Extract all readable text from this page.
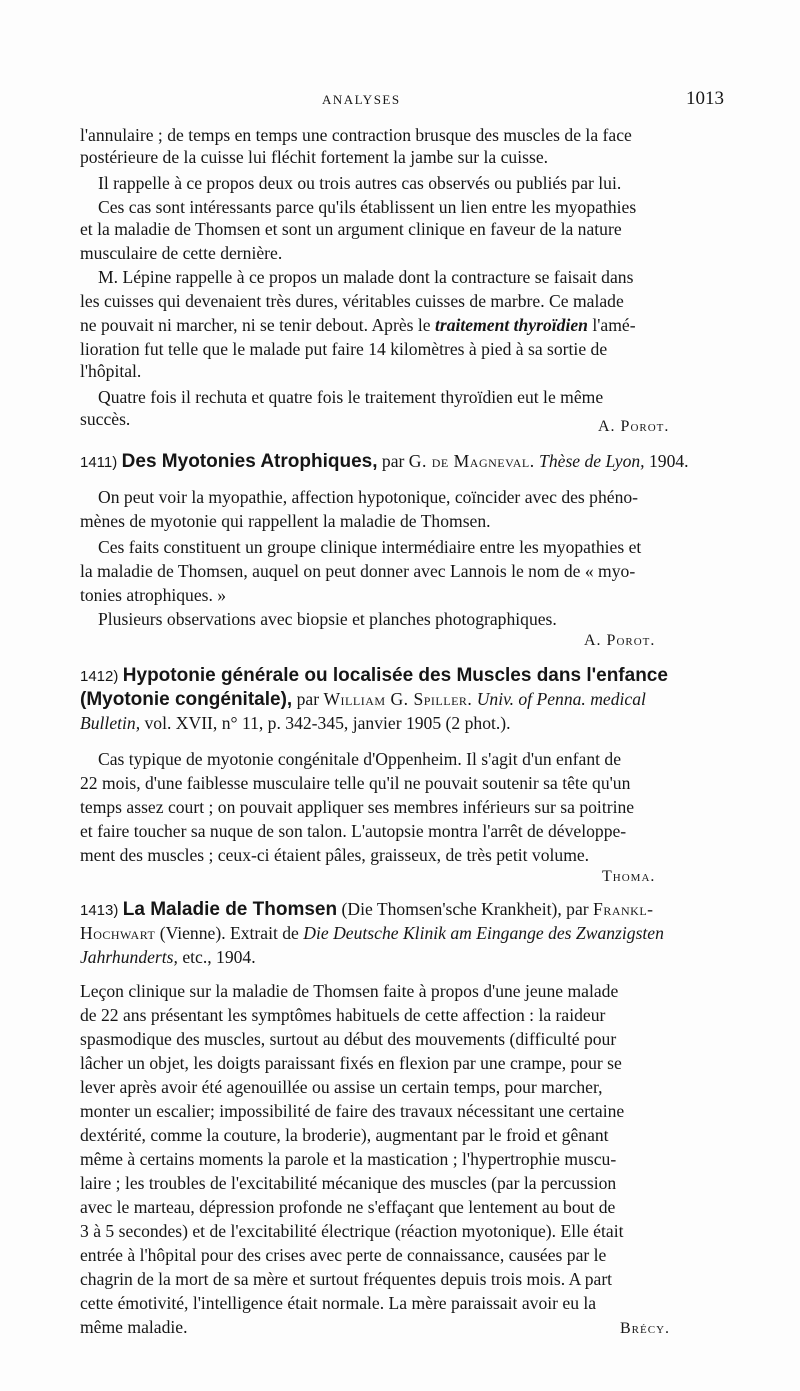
ANALYSES	1013
l'annulaire ; de temps en temps une contraction brusque des muscles de la face
postérieure de la cuisse lui fléchit fortement la jambe sur la cuisse.
Il rappelle à ce propos deux ou trois autres cas observés ou publiés par lui.
Ces cas sont intéressants parce qu'ils établissent un lien entre les myopathies
et la maladie de Thomsen et sont un argument clinique en faveur de la nature
musculaire de cette dernière.
M. Lépine rappelle à ce propos un malade dont la contracture se faisait dans
les cuisses qui devenaient très dures, véritables cuisses de marbre. Ce malade
ne pouvait ni marcher, ni se tenir debout. Après le traitement thyroïdien l'amé-
lioration fut telle que le malade put faire 14 kilomètres à pied à sa sortie de
l'hôpital.
Quatre fois il rechuta et quatre fois le traitement thyroïdien eut le même
succès.	A. Porot.
1411) Des Myotonies Atrophiques, par G. de Magneval. Thèse de Lyon, 1904.
On peut voir la myopathie, affection hypotonique, coïncider avec des phéno-
mènes de myotonie qui rappellent la maladie de Thomsen.
Ces faits constituent un groupe clinique intermédiaire entre les myopathies et
la maladie de Thomsen, auquel on peut donner avec Lannois le nom de « myo-
tonies atrophiques. »
Plusieurs observations avec biopsie et planches photographiques.
A. Porot.
1412) Hypotonie générale ou localisée des Muscles dans l'enfance
(Myotonie congénitale), par William G. Spiller. Univ. of Penna. medical
Bulletin, vol. XVII, n° 11, p. 342-345, janvier 1905 (2 phot.).
Cas typique de myotonie congénitale d'Oppenheim. Il s'agit d'un enfant de
22 mois, d'une faiblesse musculaire telle qu'il ne pouvait soutenir sa tête qu'un
temps assez court ; on pouvait appliquer ses membres inférieurs sur sa poitrine
et faire toucher sa nuque de son talon. L'autopsie montra l'arrêt de développe-
ment des muscles ; ceux-ci étaient pâles, graisseux, de très petit volume.
Thoma.
1413) La Maladie de Thomsen (Die Thomsen'sche Krankheit), par Frankl-
Hochwart (Vienne). Extrait de Die Deutsche Klinik am Eingange des Zwanzigsten
Jahrhunderts, etc., 1904.
Leçon clinique sur la maladie de Thomsen faite à propos d'une jeune malade
de 22 ans présentant les symptômes habituels de cette affection : la raideur
spasmodique des muscles, surtout au début des mouvements (difficulté pour
lâcher un objet, les doigts paraissant fixés en flexion par une crampe, pour se
lever après avoir été agenouillée ou assise un certain temps, pour marcher,
monter un escalier; impossibilité de faire des travaux nécessitant une certaine
dextérité, comme la couture, la broderie), augmentant par le froid et gênant
même à certains moments la parole et la mastication ; l'hypertrophie muscu-
laire ; les troubles de l'excitabilité mécanique des muscles (par la percussion
avec le marteau, dépression profonde ne s'effaçant que lentement au bout de
3 à 5 secondes) et de l'excitabilité électrique (réaction myotonique). Elle était
entrée à l'hôpital pour des crises avec perte de connaissance, causées par le
chagrin de la mort de sa mère et surtout fréquentes depuis trois mois. A part
cette émotivité, l'intelligence était normale. La mère paraissait avoir eu la
même maladie.	Brécy.
